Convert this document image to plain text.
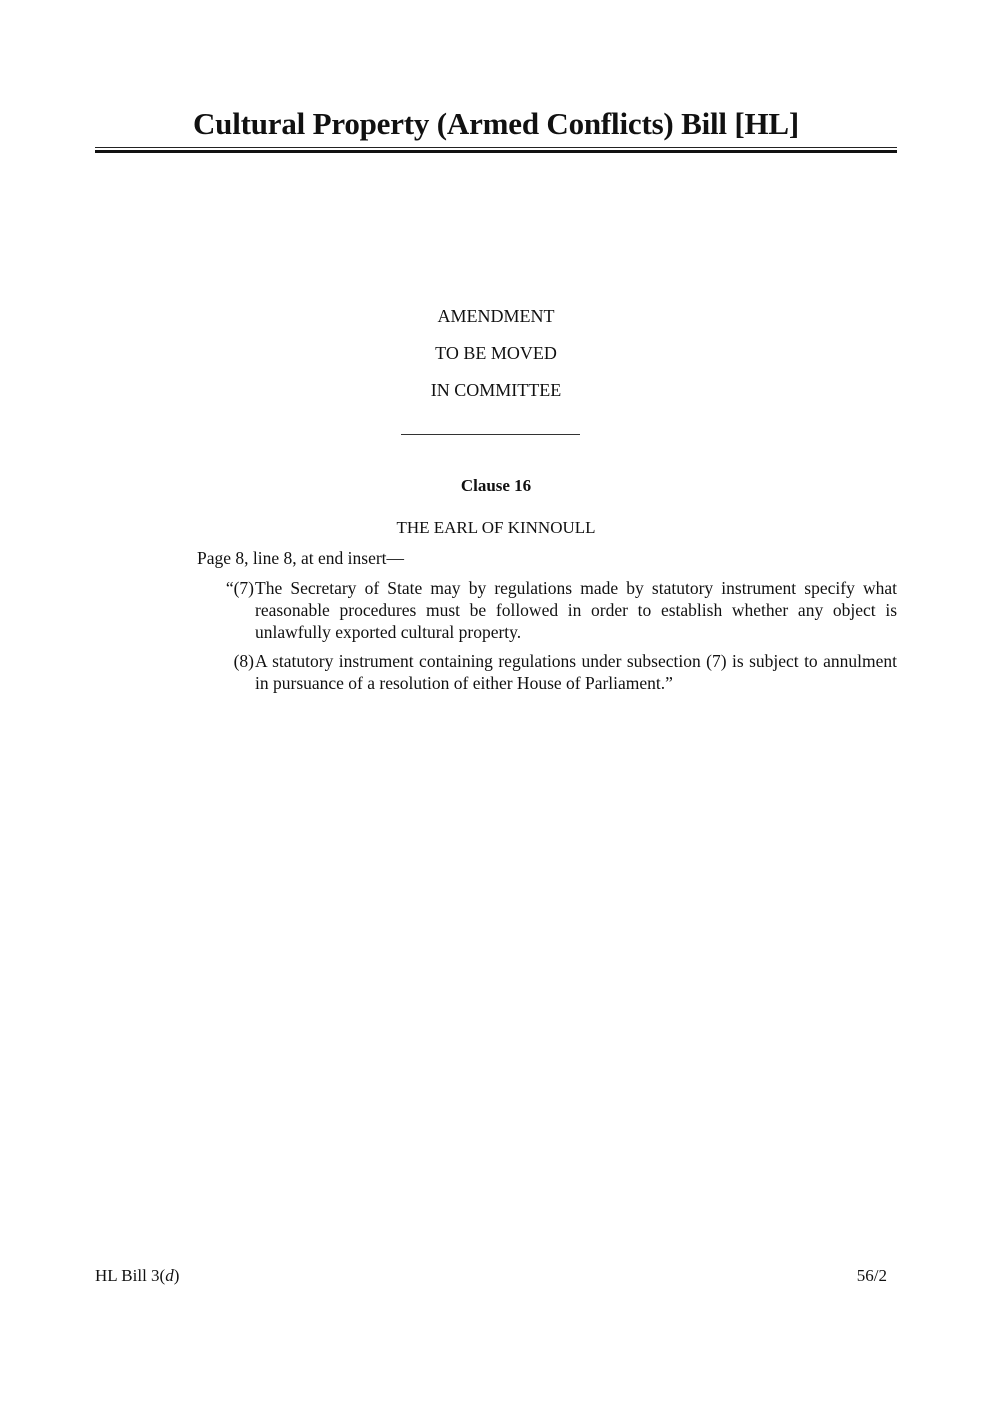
Cultural Property (Armed Conflicts) Bill [HL]
AMENDMENT
TO BE MOVED
IN COMMITTEE
Clause 16
THE EARL OF KINNOULL
Page 8, line 8, at end insert—
“(7) The Secretary of State may by regulations made by statutory instrument specify what reasonable procedures must be followed in order to establish whether any object is unlawfully exported cultural property.
(8) A statutory instrument containing regulations under subsection (7) is subject to annulment in pursuance of a resolution of either House of Parliament.”
HL Bill 3(d)	56/2
